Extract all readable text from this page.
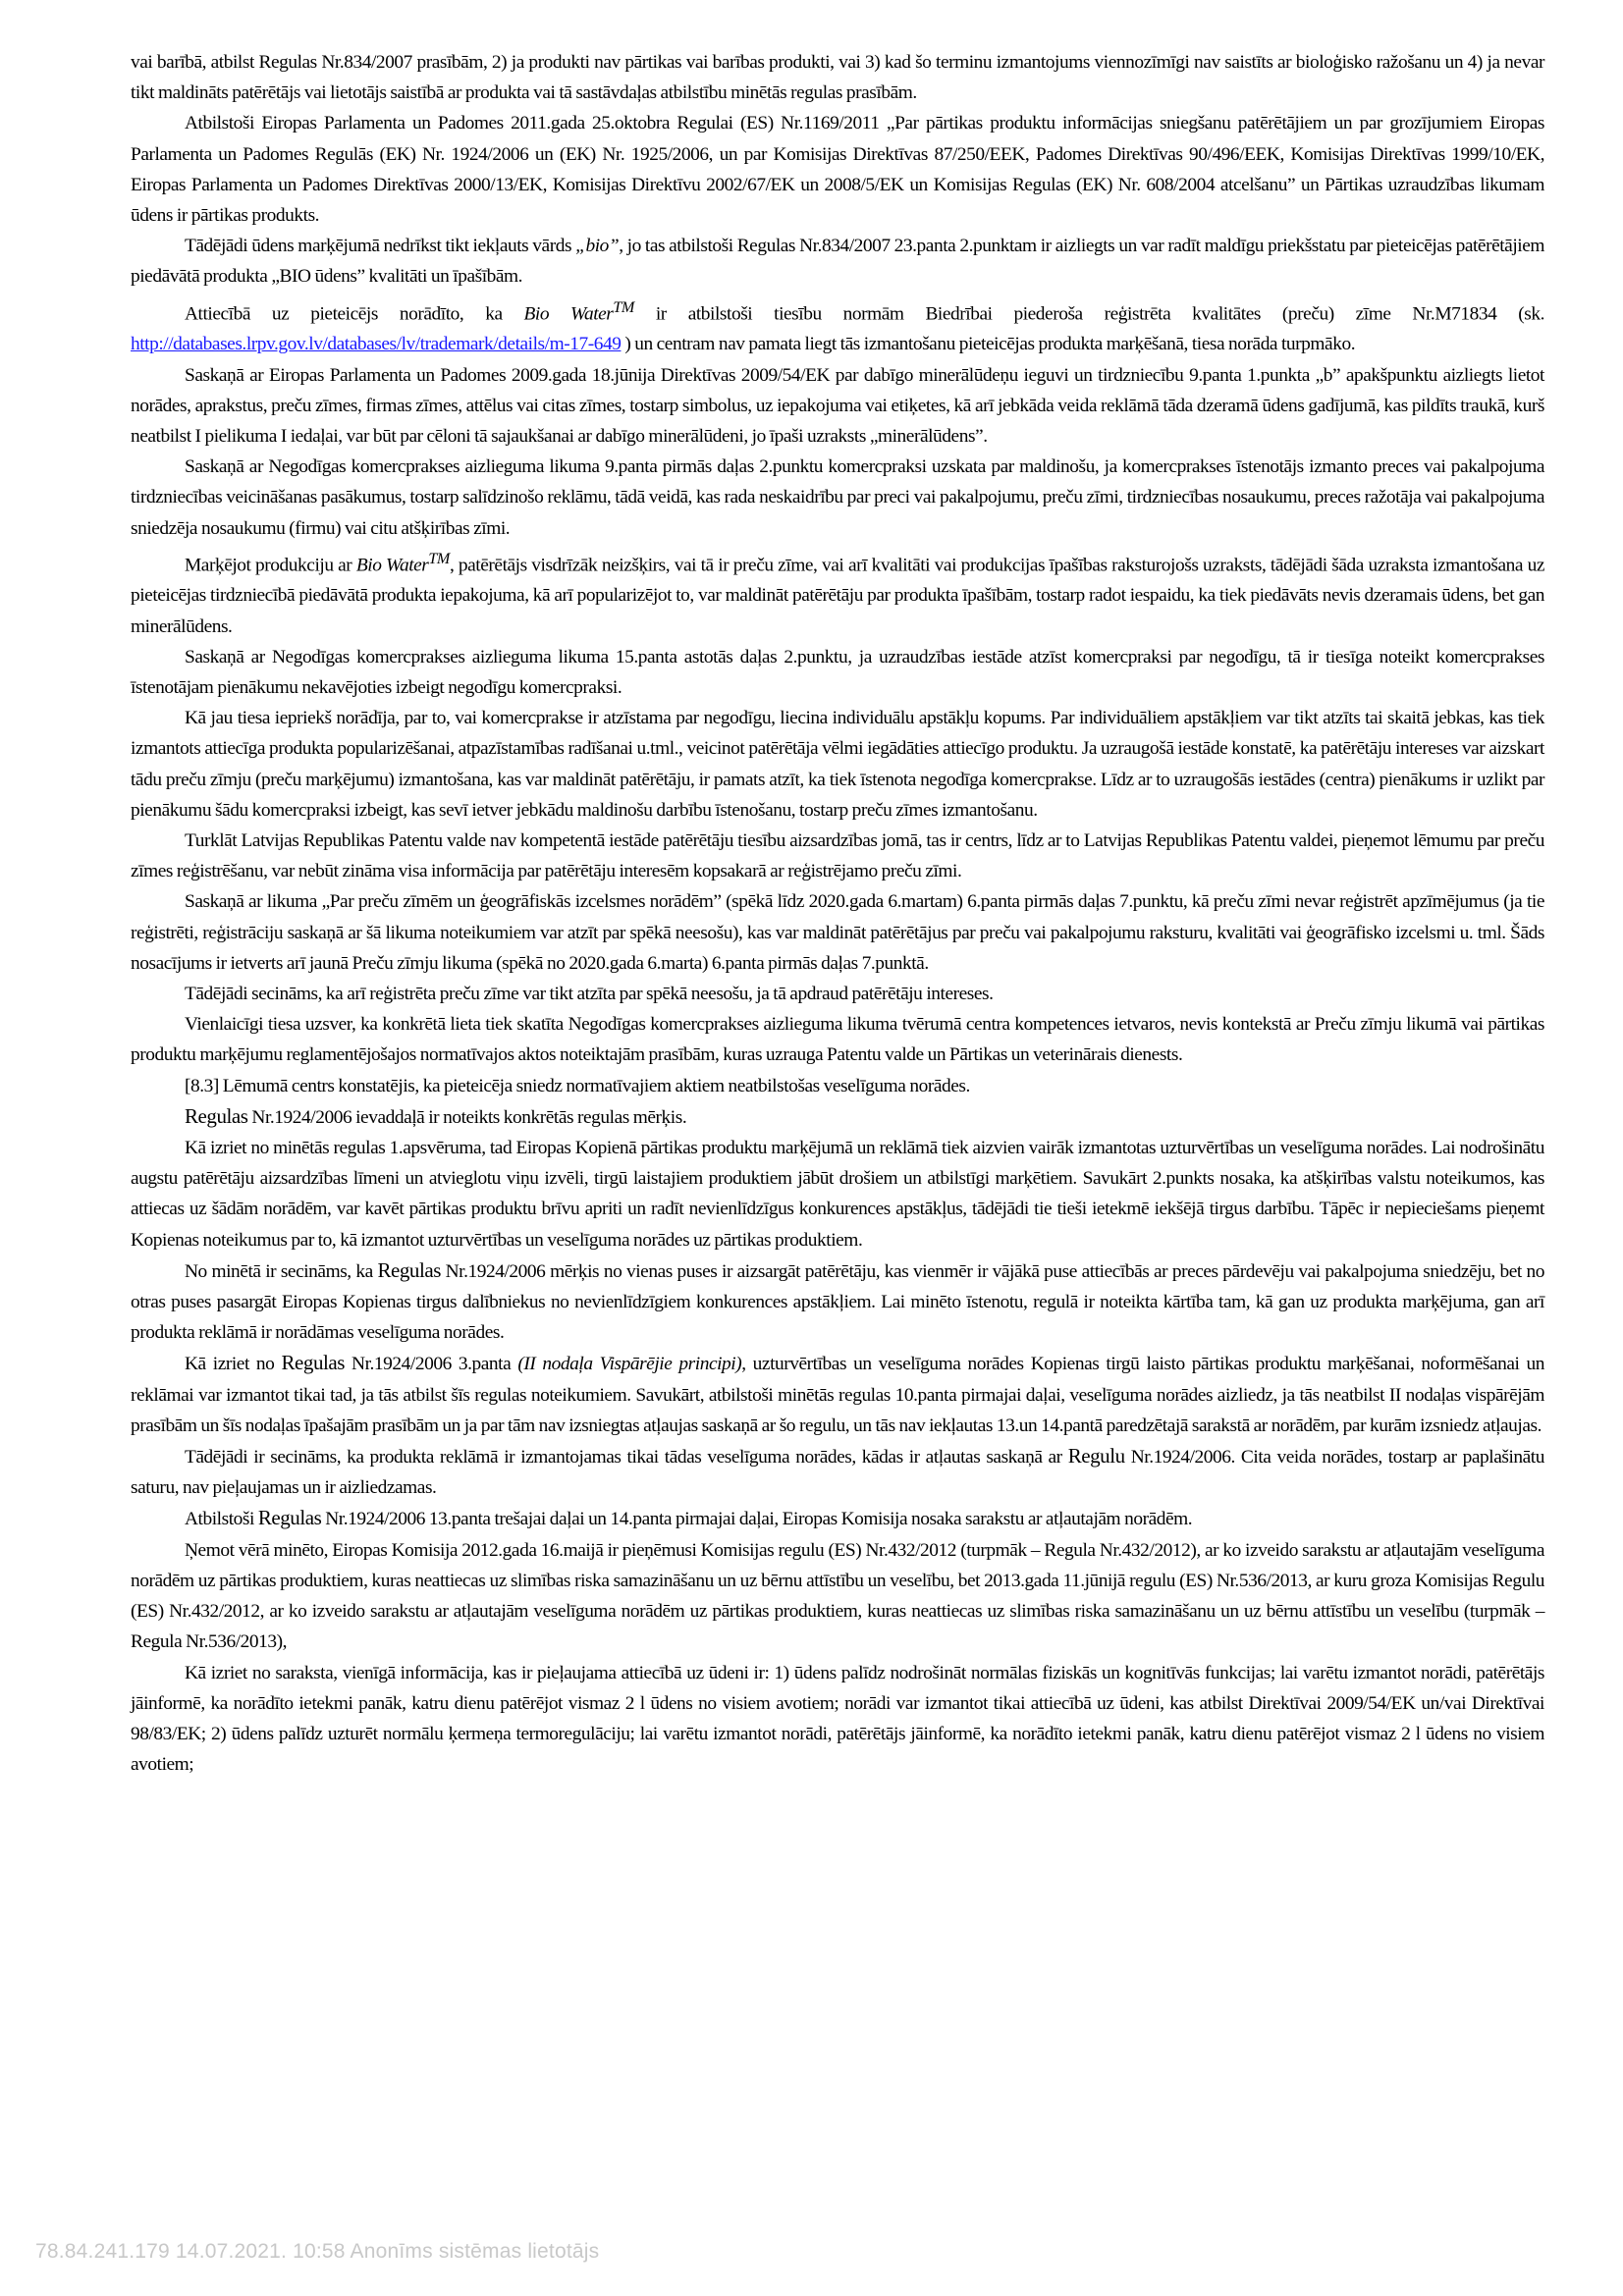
vai barībā, atbilst Regulas Nr.834/2007 prasībām, 2) ja produkti nav pārtikas vai barības produkti, vai 3) kad šo terminu izmantojums viennozīmīgi nav saistīts ar bioloģisko ražošanu un 4) ja nevar tikt maldināts patērētājs vai lietotājs saistībā ar produkta vai tā sastāvdaļas atbilstību minētās regulas prasībām.

Atbilstoši Eiropas Parlamenta un Padomes 2011.gada 25.oktobra Regulai (ES) Nr.1169/2011 „Par pārtikas produktu informācijas sniegšanu patērētājiem un par grozījumiem Eiropas Parlamenta un Padomes Regulās (EK) Nr. 1924/2006 un (EK) Nr. 1925/2006, un par Komisijas Direktīvas 87/250/EEK, Padomes Direktīvas 90/496/EEK, Komisijas Direktīvas 1999/10/EK, Eiropas Parlamenta un Padomes Direktīvas 2000/13/EK, Komisijas Direktīvu 2002/67/EK un 2008/5/EK un Komisijas Regulas (EK) Nr. 608/2004 atcelšanu” un Pārtikas uzraudzības likumam ūdens ir pārtikas produkts.

Tādējādi ūdens marķējumā nedrīkst tikt iekļauts vārds „bio”, jo tas atbilstoši Regulas Nr.834/2007 23.panta 2.punktam ir aizliegts un var radīt maldīgu priekšstatu par pieteicējas patērētājiem piedāvātā produkta „BIO ūdens” kvalitāti un īpašībām.

Attiecībā uz pieteicējs norādīto, ka Bio Water™ ir atbilstoši tiesību normām Biedrībai piederoša reģistrēta kvalitātes (preču) zīme Nr.M71834 (sk. http://databases.lrpv.gov.lv/databases/lv/trademark/details/m-17-649 ) un centram nav pamata liegt tās izmantošanu pieteicējas produkta marķēšanā, tiesa norāda turpmāko.

Saskaņā ar Eiropas Parlamenta un Padomes 2009.gada 18.jūnija Direktīvas 2009/54/EK par dabīgo minerālūdeņu ieguvi un tirdzniecību 9.panta 1.punkta „b” apakšpunktu aizliegts lietot norādes, aprakstus, preču zīmes, firmas zīmes, attēlus vai citas zīmes, tostarp simbolus, uz iepakojuma vai etiķetes, kā arī jebkāda veida reklāmā tāda dzeramā ūdens gadījumā, kas pildīts traukā, kurš neatbilst I pielikuma I iedaļai, var būt par cēloni tā sajaukšanai ar dabīgo minerālūdeni, jo īpaši uzraksts „minerālūdens”.

Saskaņā ar Negodīgas komercprakses aizlieguma likuma 9.panta pirmās daļas 2.punktu komercpraksi uzskata par maldinošu, ja komercprakses īstenotājs izmanto preces vai pakalpojuma tirdzniecības veicināšanas pasākumus, tostarp salīdzinošo reklāmu, tādā veidā, kas rada neskaidrību par preci vai pakalpojumu, preču zīmi, tirdzniecības nosaukumu, preces ražotāja vai pakalpojuma sniedzēja nosaukumu (firmu) vai citu atšķirības zīmi.

Marķējot produkciju ar Bio Water™, patērētājs visdrīzāk neizšķirs, vai tā ir preču zīme, vai arī kvalitāti vai produkcijas īpašības raksturojošs uzraksts, tādējādi šāda uzraksta izmantošana uz pieteicējas tirdzniecībā piedāvātā produkta iepakojuma, kā arī popularizējot to, var maldināt patērētāju par produkta īpašībām, tostarp radot iespaidu, ka tiek piedāvāts nevis dzeramais ūdens, bet gan minerālūdens.

Saskaņā ar Negodīgas komercprakses aizlieguma likuma 15.panta astotās daļas 2.punktu, ja uzraudzības iestāde atzīst komercpraksi par negodīgu, tā ir tiesīga noteikt komercprakses īstenotājam pienākumu nekavējoties izbeigt negodīgu komercpraksi.

Kā jau tiesa iepriekš norādīja, par to, vai komercprakse ir atzīstama par negodīgu, liecina individuālu apstākļu kopums. Par individuāliem apstākļiem var tikt atzīts tai skaitā jebkas, kas tiek izmantots attiecīga produkta popularizēšanai, atpazīstamības radīšanai u.tml., veicinot patērētāja vēlmi iegādāties attiecīgo produktu. Ja uzraugošā iestāde konstatē, ka patērētāju intereses var aizskart tādu preču zīmju (preču marķējumu) izmantošana, kas var maldināt patērētāju, ir pamats atzīt, ka tiek īstenota negodīga komercprakse. Līdz ar to uzraugošās iestādes (centra) pienākums ir uzlikt par pienākumu šādu komercpraksi izbeigt, kas sevī ietver jebkādu maldinošu darbību īstenošanu, tostarp preču zīmes izmantošanu.

Turklāt Latvijas Republikas Patentu valde nav kompetentā iestāde patērētāju tiesību aizsardzības jomā, tas ir centrs, līdz ar to Latvijas Republikas Patentu valdei, pieņemot lēmumu par preču zīmes reģistrēšanu, var nebūt zināma visa informācija par patērētāju interesēm kopsakarā ar reģistrējamo preču zīmi.

Saskaņā ar likuma „Par preču zīmēm un ģeogrāfiskās izcelsmes norādēm” (spēkā līdz 2020.gada 6.martam) 6.panta pirmās daļas 7.punktu, kā preču zīmi nevar reģistrēt apzīmējumus (ja tie reģistrēti, reģistrāciju saskaņā ar šā likuma noteikumiem var atzīt par spēkā neesošu), kas var maldināt patērētājus par preču vai pakalpojumu raksturu, kvalitāti vai ģeogrāfisko izcelsmi u. tml. Šāds nosacījums ir ietverts arī jaunā Preču zīmju likuma (spēkā no 2020.gada 6.marta) 6.panta pirmās daļas 7.punktā.

Tādējādi secināms, ka arī reģistrēta preču zīme var tikt atzīta par spēkā neesošu, ja tā apdraud patērētāju intereses.

Vienlaicīgi tiesa uzsver, ka konkrētā lieta tiek skatīta Negodīgas komercprakses aizlieguma likuma tvērumā centra kompetences ietvaros, nevis kontekstā ar Preču zīmju likumā vai pārtikas produktu marķējumu reglamentējošajos normatīvajos aktos noteiktajām prasībām, kuras uzrauga Patentu valde un Pārtikas un veterinārais dienests.

[8.3] Lēmumā centrs konstatējis, ka pieteicēja sniedz normatīvajiem aktiem neatbilstošas veselīguma norādes.

Regulas Nr.1924/2006 ievaddaļā ir noteikts konkrētās regulas mērķis.

Kā izriet no minētās regulas 1.apsvēruma, tad Eiropas Kopienā pārtikas produktu marķējumā un reklāmā tiek aizvien vairāk izmantotas uzturvērtības un veselīguma norādes. Lai nodrošinātu augstu patērētāju aizsardzības līmeni un atvieglotu viņu izvēli, tirgū laistajiem produktiem jābūt drošiem un atbilstīgi marķētiem. Savukārt 2.punkts nosaka, ka atšķirības valstu noteikumos, kas attiecas uz šādām norādēm, var kavēt pārtikas produktu brīvu apriti un radīt nevienlīdzīgus konkurences apstākļus, tādējādi tie tieši ietekmē iekšējā tirgus darbību. Tāpēc ir nepieciešams pieņemt Kopienas noteikumus par to, kā izmantot uzturvērtības un veselīguma norādes uz pārtikas produktiem.

No minētā ir secināms, ka Regulas Nr.1924/2006 mērķis no vienas puses ir aizsargāt patērētāju, kas vienmēr ir vājākā puse attiecībās ar preces pārdevēju vai pakalpojuma sniedzēju, bet no otras puses pasargāt Eiropas Kopienas tirgus dalībniekus no nevienlīdzīgiem konkurences apstākļiem. Lai minēto īstenotu, regulā ir noteikta kārtība tam, kā gan uz produkta marķējuma, gan arī produkta reklāmā ir norādāmas veselīguma norādes.

Kā izriet no Regulas Nr.1924/2006 3.panta (II nodaļa Vispārējie principi), uzturvērtības un veselīguma norādes Kopienas tirgū laisto pārtikas produktu marķēšanai, noformēšanai un reklāmai var izmantot tikai tad, ja tās atbilst šīs regulas noteikumiem. Savukārt, atbilstoši minētās regulas 10.panta pirmajai daļai, veselīguma norādes aizliedz, ja tās neatbilst II nodaļas vispārējām prasībām un šīs nodaļas īpašajām prasībām un ja par tām nav izsniegtas atļaujas saskaņā ar šo regulu, un tās nav iekļautas 13.un 14.pantā paredzētajā sarakstā ar norādēm, par kurām izsniedz atļaujas.

Tādējādi ir secināms, ka produkta reklāmā ir izmantojamas tikai tādas veselīguma norādes, kādas ir atļautas saskaņā ar Regulu Nr.1924/2006. Cita veida norādes, tostarp ar paplašinātu saturu, nav pieļaujamas un ir aizliedzamas.

Atbilstoši Regulas Nr.1924/2006 13.panta trešajai daļai un 14.panta pirmajai daļai, Eiropas Komisija nosaka sarakstu ar atļautajām norādēm.

Ņemot vērā minēto, Eiropas Komisija 2012.gada 16.maijā ir pieņēmusi Komisijas regulu (ES) Nr.432/2012 (turpmāk – Regula Nr.432/2012), ar ko izveido sarakstu ar atļautajām veselīguma norādēm uz pārtikas produktiem, kuras neattiecas uz slimības riska samazināšanu un uz bērnu attīstību un veselību, bet 2013.gada 11.jūnijā regulu (ES) Nr.536/2013, ar kuru groza Komisijas Regulu (ES) Nr.432/2012, ar ko izveido sarakstu ar atļautajām veselīguma norādēm uz pārtikas produktiem, kuras neattiecas uz slimības riska samazināšanu un uz bērnu attīstību un veselību (turpmāk – Regula Nr.536/2013),

Kā izriet no saraksta, vienīgā informācija, kas ir pieļaujama attiecībā uz ūdeni ir: 1) ūdens palīdz nodrošināt normālas fiziskās un kognitīvās funkcijas; lai varētu izmantot norādi, patērētājs jāinformē, ka norādīto ietekmi panāk, katru dienu patērējot vismaz 2 l ūdens no visiem avotiem; norādi var izmantot tikai attiecībā uz ūdeni, kas atbilst Direktīvai 2009/54/EK un/vai Direktīvai 98/83/EK; 2) ūdens palīdz uzturēt normālu ķermeņa termoregulāciju; lai varētu izmantot norādi, patērētājs jāinformē, ka norādīto ietekmi panāk, katru dienu patērējot vismaz 2 l ūdens no visiem avotiem;

78.84.241.179 14.07.2021. 10:58 Anonīms sistēmas lietotājs
